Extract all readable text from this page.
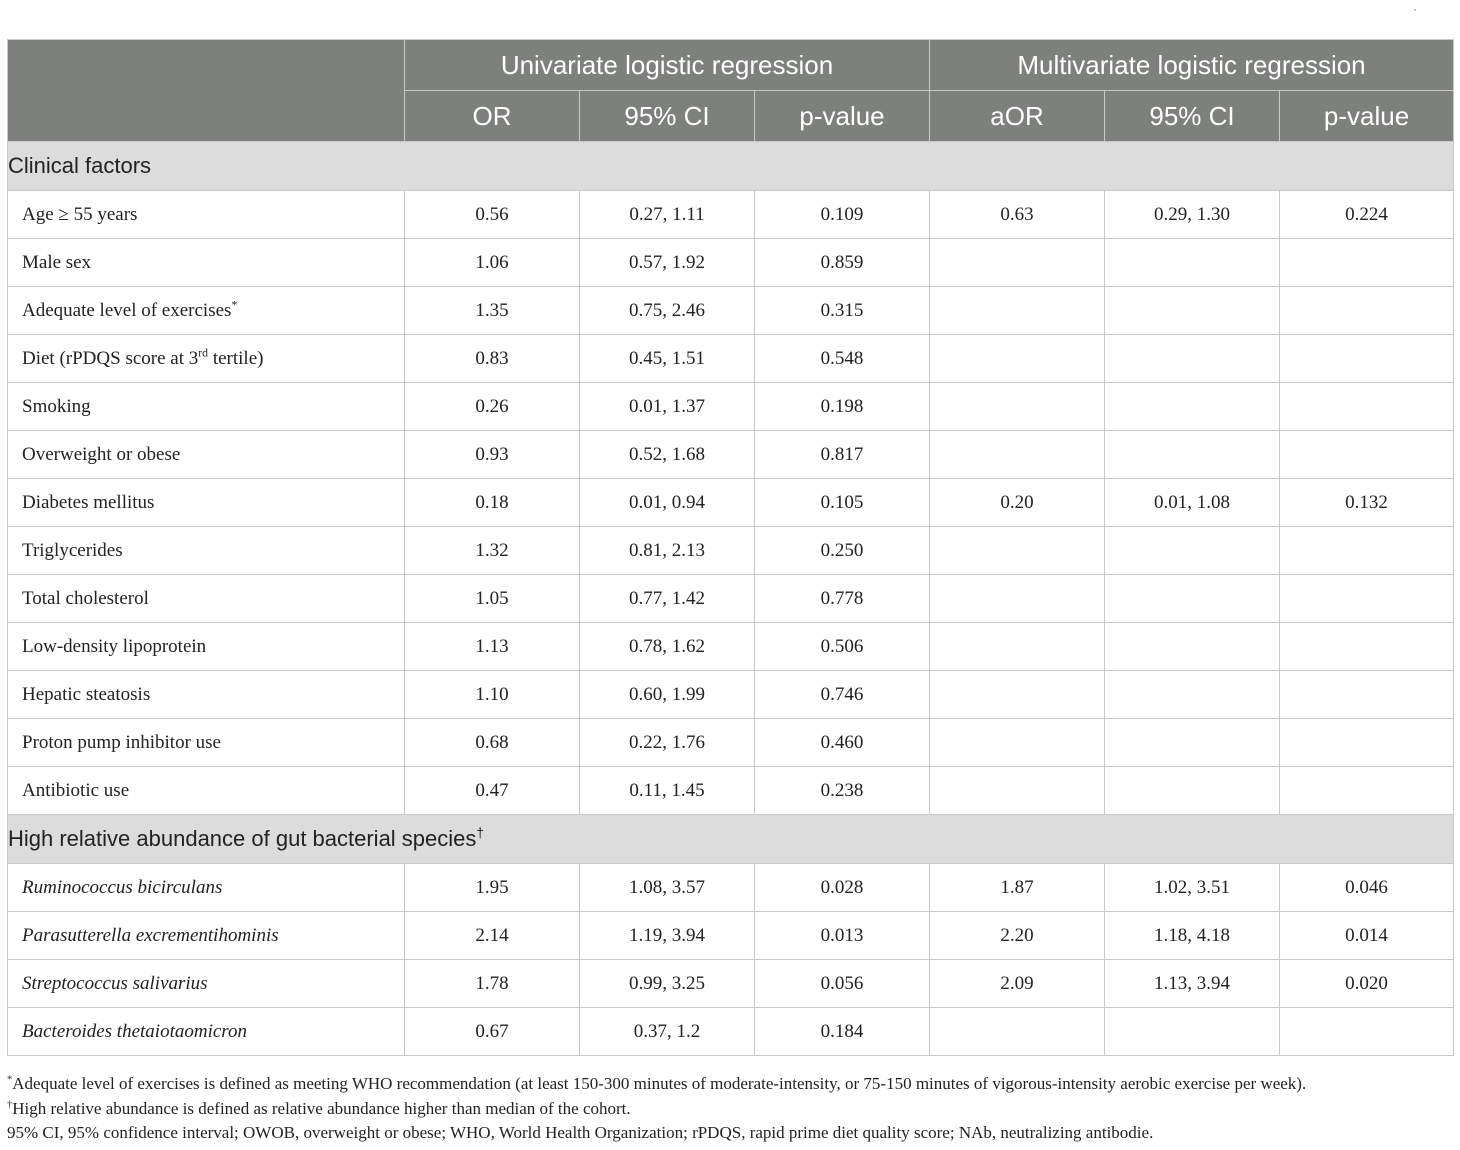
·
	Univariate logistic regression			Multivariate logistic regression		
	OR	95% CI	p-value	aOR	95% CI	p-value
Clinical factors						
Age ≥ 55 years	0.56	0.27, 1.11	0.109	0.63	0.29, 1.30	0.224
Male sex	1.06	0.57, 1.92	0.859			
Adequate level of exercises*	1.35	0.75, 2.46	0.315			
Diet (rPDQS score at 3rd tertile)	0.83	0.45, 1.51	0.548			
Smoking	0.26	0.01, 1.37	0.198			
Overweight or obese	0.93	0.52, 1.68	0.817			
Diabetes mellitus	0.18	0.01, 0.94	0.105	0.20	0.01, 1.08	0.132
Triglycerides	1.32	0.81, 2.13	0.250			
Total cholesterol	1.05	0.77, 1.42	0.778			
Low-density lipoprotein	1.13	0.78, 1.62	0.506			
Hepatic steatosis	1.10	0.60, 1.99	0.746			
Proton pump inhibitor use	0.68	0.22, 1.76	0.460			
Antibiotic use	0.47	0.11, 1.45	0.238			
High relative abundance of gut bacterial species†
Ruminococcus bicirculans	1.95	1.08, 3.57	0.028	1.87	1.02, 3.51	0.046
Parasutterella excrementihominis	2.14	1.19, 3.94	0.013	2.20	1.18, 4.18	0.014
Streptococcus salivarius	1.78	0.99, 3.25	0.056	2.09	1.13, 3.94	0.020
Bacteroides thetaiotaomicron	0.67	0.37, 1.2	0.184			

*Adequate level of exercises is defined as meeting WHO recommendation (at least 150-300 minutes of moderate-intensity, or 75-150 minutes of vigorous-intensity aerobic exercise per week).

†High relative abundance is defined as relative abundance higher than median of the cohort.

95% CI, 95% confidence interval; OWOB, overweight or obese; WHO, World Health Organization; rPDQS, rapid prime diet quality score; NAb, neutralizing antibodie.
